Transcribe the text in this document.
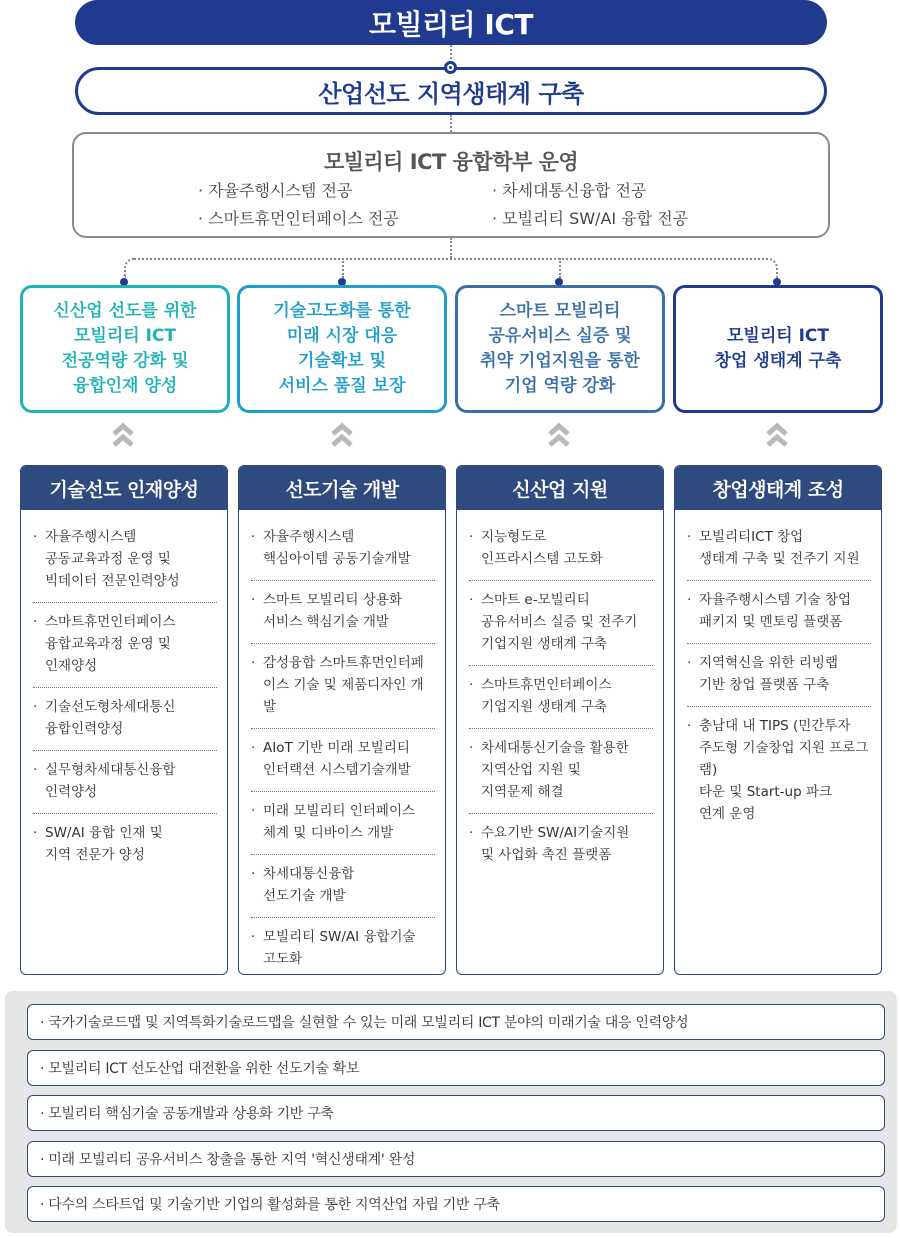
모빌리티 ICT
산업선도 지역생태계 구축
모빌리티 ICT 융합학부 운영
· 자율주행시스템 전공	· 차세대통신융합 전공
· 스마트휴먼인터페이스 전공	· 모빌리티 SW/AI 융합 전공
신산업 선도를 위한
모빌리티 ICT
전공역량 강화 및
융합인재 양성
기술고도화를 통한
미래 시장 대응
기술확보 및
서비스 품질 보장
스마트 모빌리티
공유서비스 실증 및
취약 기업지원을 통한
기업 역량 강화
모빌리티 ICT
창업 생태계 구축
기술선도 인재양성
· 자율주행시스템
공동교육과정 운영 및
빅데이터 전문인력양성
· 스마트휴먼인터페이스
융합교육과정 운영 및
인재양성
· 기술선도형차세대통신
융합인력양성
· 실무형차세대통신융합
인력양성
· SW/AI 융합 인재 및
지역 전문가 양성
선도기술 개발
· 자율주행시스템
핵심아이템 공동기술개발
· 스마트 모빌리티 상용화
서비스 핵심기술 개발
· 감성융합 스마트휴먼인터페
이스 기술 및 제품디자인 개발
· AIoT 기반 미래 모빌리티
인터랙션 시스템기술개발
· 미래 모빌리티 인터페이스
체계 및 디바이스 개발
· 차세대통신융합
선도기술 개발
· 모빌리티 SW/AI 융합기술
고도화
신산업 지원
· 지능형도로
인프라시스템 고도화
· 스마트 e-모빌리티
공유서비스 실증 및 전주기
기업지원 생태계 구축
· 스마트휴먼인터페이스
기업지원 생태계 구축
· 차세대통신기술을 활용한
지역산업 지원 및
지역문제 해결
· 수요기반 SW/AI기술지원
및 사업화 촉진 플랫폼
창업생태계 조성
· 모빌리티ICT 창업
생태계 구축 및 전주기 지원
· 자율주행시스템 기술 창업
패키지 및 멘토링 플랫폼
· 지역혁신을 위한 리빙랩
기반 창업 플랫폼 구축
· 충남대 내 TIPS (민간투자
주도형 기술창업 지원 프로그램)
타운 및 Start-up 파크
연계 운영
· 국가기술로드맵 및 지역특화기술로드맵을 실현할 수 있는 미래 모빌리티 ICT 분야의 미래기술 대응 인력양성
· 모빌리티 ICT 선도산업 대전환을 위한 선도기술 확보
· 모빌리티 핵심기술 공동개발과 상용화 기반 구축
· 미래 모빌리티 공유서비스 창출을 통한 지역 '혁신생태계' 완성
· 다수의 스타트업 및 기술기반 기업의 활성화를 통한 지역산업 자립 기반 구축
